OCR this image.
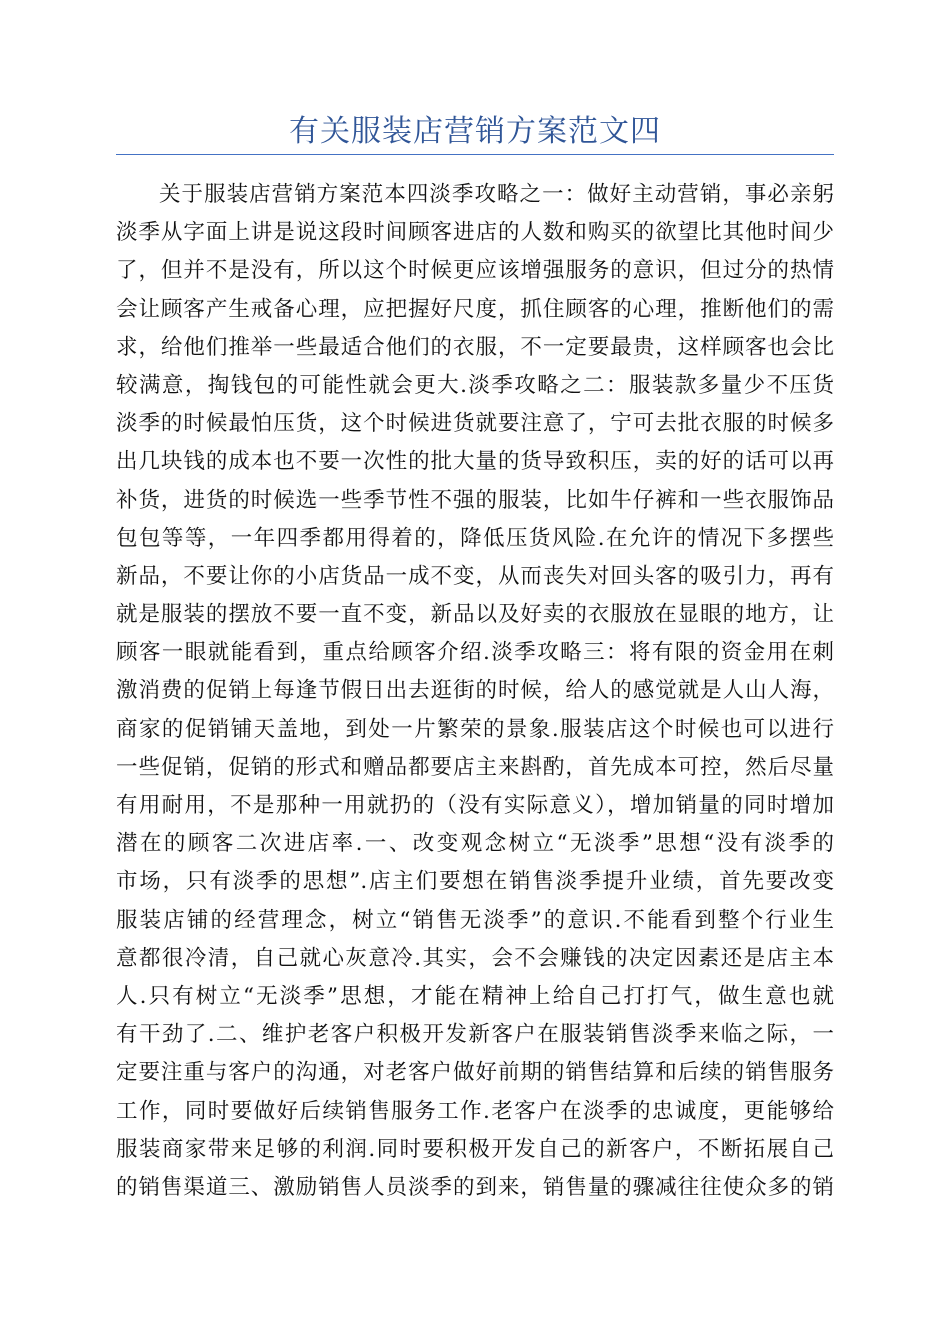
有关服装店营销方案范文四
关于服装店营销方案范本四淡季攻略之一：做好主动营销，事必亲躬
淡季从字面上讲是说这段时间顾客进店的人数和购买的欲望比其他时间少
了，但并不是没有，所以这个时候更应该增强服务的意识，但过分的热情
会让顾客产生戒备心理，应把握好尺度，抓住顾客的心理，推断他们的需
求，给他们推举一些最适合他们的衣服，不一定要最贵，这样顾客也会比
较满意，掏钱包的可能性就会更大.淡季攻略之二：服装款多量少不压货
淡季的时候最怕压货，这个时候进货就要注意了，宁可去批衣服的时候多
出几块钱的成本也不要一次性的批大量的货导致积压，卖的好的话可以再
补货，进货的时候选一些季节性不强的服装，比如牛仔裤和一些衣服饰品
包包等等，一年四季都用得着的，降低压货风险.在允许的情况下多摆些
新品，不要让你的小店货品一成不变，从而丧失对回头客的吸引力，再有
就是服装的摆放不要一直不变，新品以及好卖的衣服放在显眼的地方，让
顾客一眼就能看到，重点给顾客介绍.淡季攻略三：将有限的资金用在刺
激消费的促销上每逢节假日出去逛街的时候，给人的感觉就是人山人海，
商家的促销铺天盖地，到处一片繁荣的景象.服装店这个时候也可以进行
一些促销，促销的形式和赠品都要店主来斟酌，首先成本可控，然后尽量
有用耐用，不是那种一用就扔的（没有实际意义），增加销量的同时增加
潜在的顾客二次进店率.一、改变观念树立“无淡季”思想“没有淡季的
市场，只有淡季的思想”.店主们要想在销售淡季提升业绩，首先要改变
服装店铺的经营理念，树立“销售无淡季”的意识.不能看到整个行业生
意都很冷清，自己就心灰意冷.其实，会不会赚钱的决定因素还是店主本
人.只有树立“无淡季”思想，才能在精神上给自己打打气，做生意也就
有干劲了.二、维护老客户积极开发新客户在服装销售淡季来临之际，一
定要注重与客户的沟通，对老客户做好前期的销售结算和后续的销售服务
工作，同时要做好后续销售服务工作.老客户在淡季的忠诚度，更能够给
服装商家带来足够的利润.同时要积极开发自己的新客户，不断拓展自己
的销售渠道三、激励销售人员淡季的到来，销售量的骤减往往使众多的销
